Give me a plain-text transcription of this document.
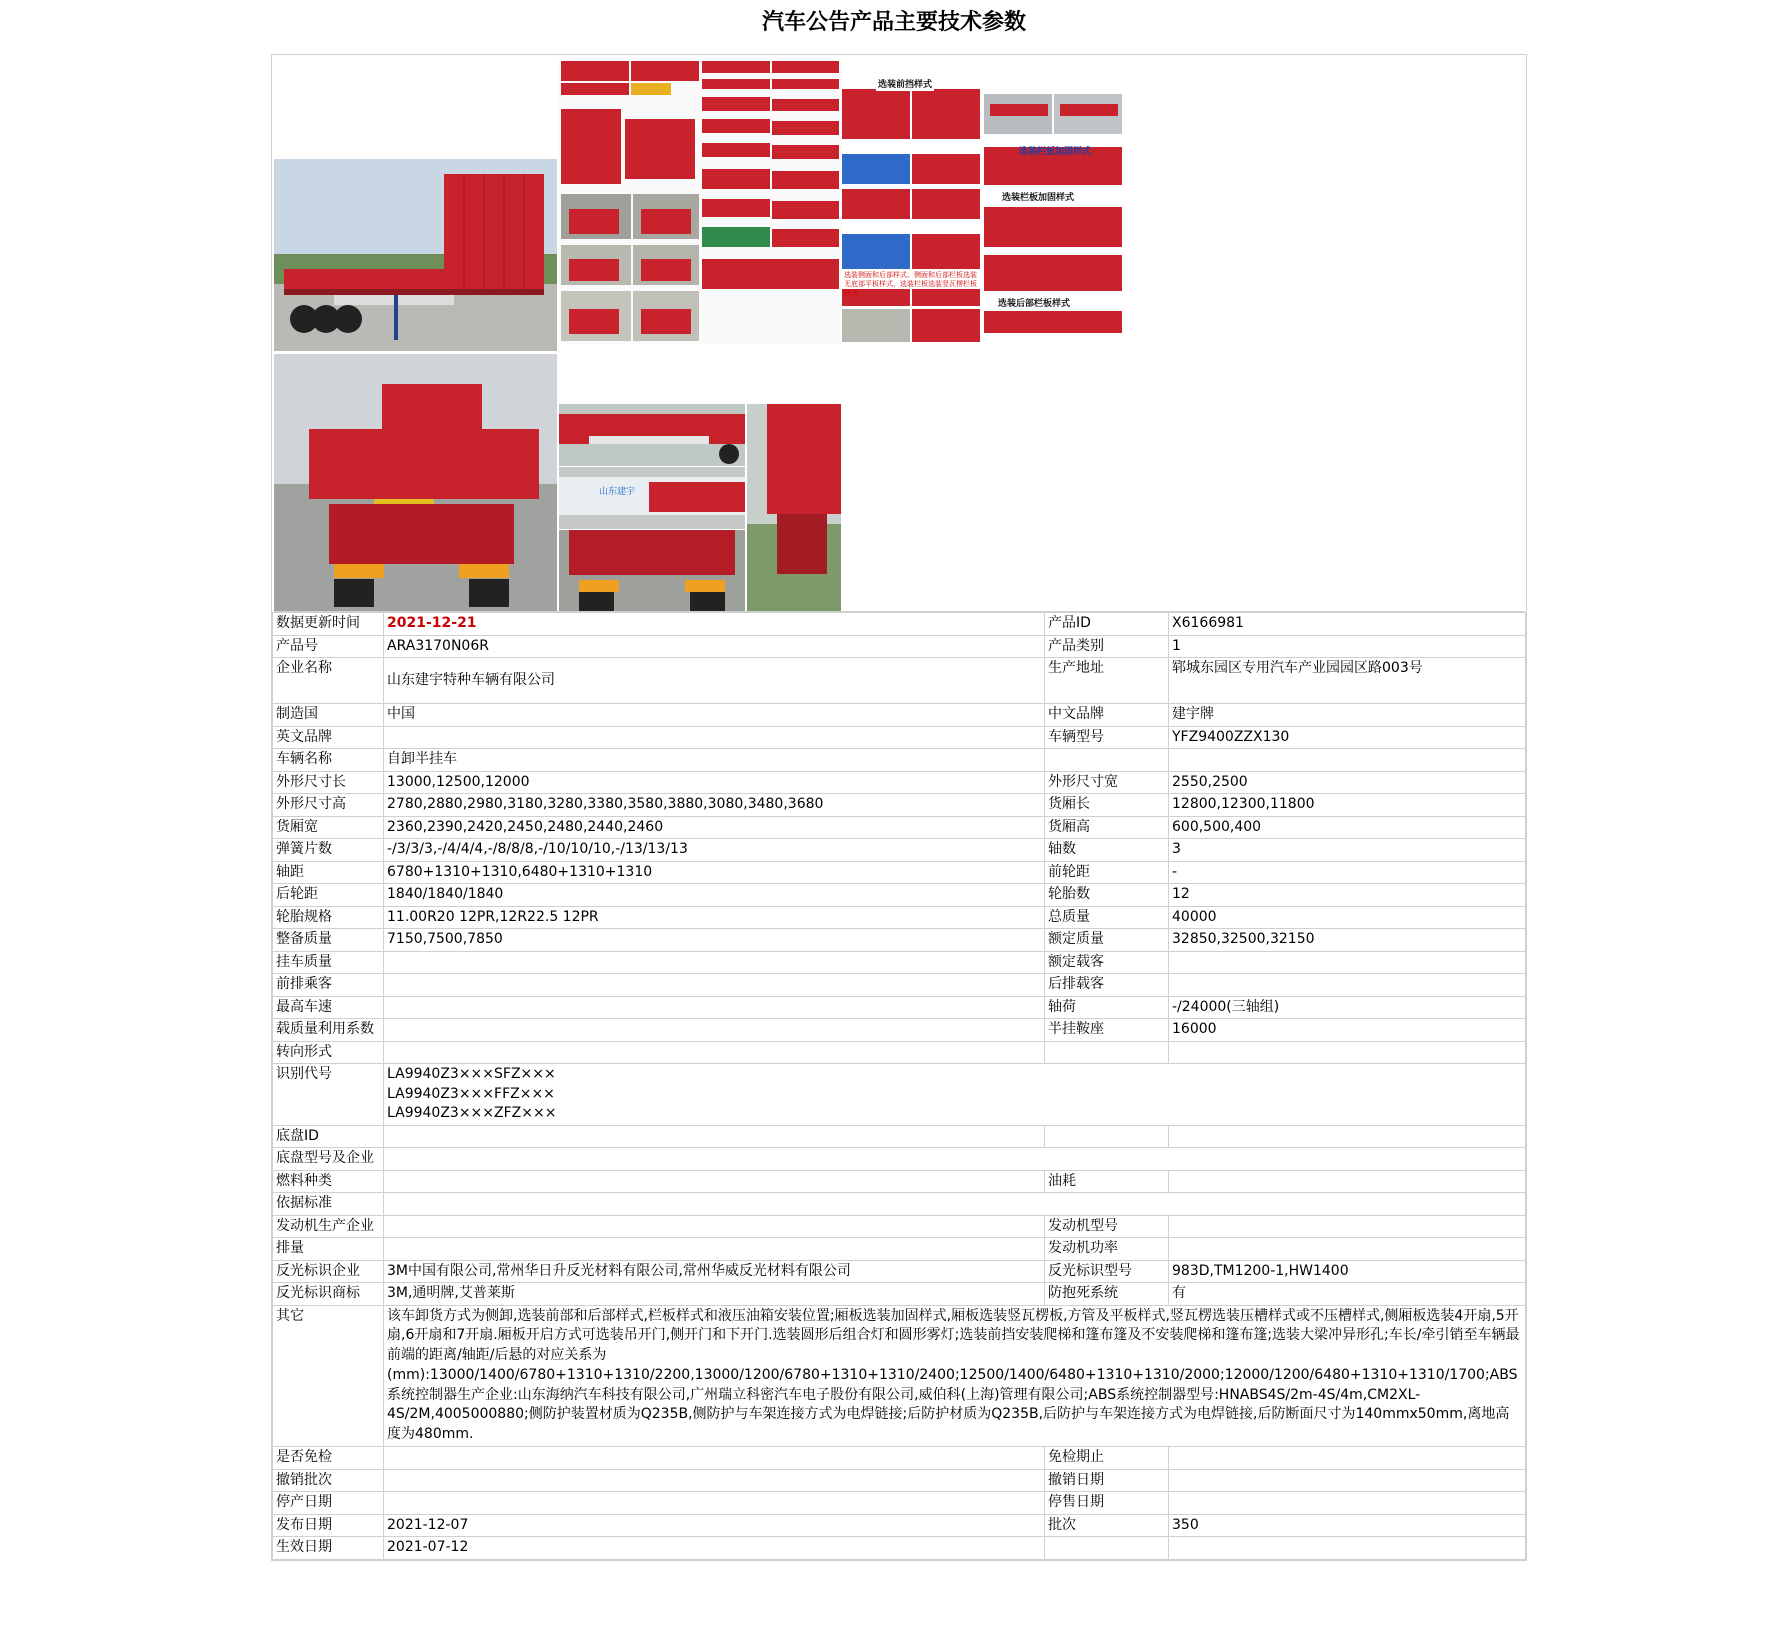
汽车公告产品主要技术参数
选装前挡样式
选装栏板加固样式
选装栏板加固样式
选装后部栏板样式
选装侧面和后部样式、侧面和后部栏板选装无底部平板样式、选装栏板选装竖瓦楞栏板样式
山东建宇
数据更新时间	2021-12-21	产品ID	X6166981
产品号	ARA3170N06R	产品类别	1
企业名称	山东建宇特种车辆有限公司	生产地址	郓城东园区专用汽车产业园园区路003号
制造国	中国	中文品牌	建宇牌
英文品牌		车辆型号	YFZ9400ZZX130
车辆名称	自卸半挂车		
外形尺寸长	13000,12500,12000	外形尺寸宽	2550,2500
外形尺寸高	2780,2880,2980,3180,3280,3380,3580,3880,3080,3480,3680	货厢长	12800,12300,11800
货厢宽	2360,2390,2420,2450,2480,2440,2460	货厢高	600,500,400
弹簧片数	-/3/3/3,-/4/4/4,-/8/8/8,-/10/10/10,-/13/13/13	轴数	3
轴距	6780+1310+1310,6480+1310+1310	前轮距	-
后轮距	1840/1840/1840	轮胎数	12
轮胎规格	11.00R20 12PR,12R22.5 12PR	总质量	40000
整备质量	7150,7500,7850	额定质量	32850,32500,32150
挂车质量		额定载客	
前排乘客		后排载客	
最高车速		轴荷	-/24000(三轴组)
载质量利用系数		半挂鞍座	16000
转向形式			
识别代号	LA9940Z3×××SFZ×××
LA9940Z3×××FFZ×××
LA9940Z3×××ZFZ×××		

底盘ID			
底盘型号及企业			
燃料种类		油耗	
依据标准			
发动机生产企业		发动机型号	
排量		发动机功率	
反光标识企业	3M中国有限公司,常州华日升反光材料有限公司,常州华威反光材料有限公司	反光标识型号	983D,TM1200-1,HW1400
反光标识商标	3M,通明牌,艾普莱斯	防抱死系统	有
其它	该车卸货方式为侧卸,选装前部和后部样式,栏板样式和液压油箱安装位置;厢板选装加固样式,厢板选装竖瓦楞板,方管及平板样式,竖瓦楞选装压槽样式或不压槽样式,侧厢板选装4开扇,5开扇,6开扇和7开扇.厢板开启方式可选装吊开门,侧开门和下开门.选装圆形后组合灯和圆形雾灯;选装前挡安装爬梯和篷布篷及不安装爬梯和篷布篷;选装大梁冲异形孔;车长/牵引销至车辆最前端的距离/轴距/后悬的对应关系为(mm):13000/1400/6780+1310+1310/2200,13000/1200/6780+1310+1310/2400;12500/1400/6480+1310+1310/2000;12000/1200/6480+1310+1310/1700;ABS系统控制器生产企业:山东海纳汽车科技有限公司,广州瑞立科密汽车电子股份有限公司,威伯科(上海)管理有限公司;ABS系统控制器型号:HNABS4S/2m-4S/4m,CM2XL-4S/2M,4005000880;侧防护装置材质为Q235B,侧防护与车架连接方式为电焊链接;后防护材质为Q235B,后防护与车架连接方式为电焊链接,后防断面尺寸为140mmx50mm,离地高度为480mm.		
是否免检		免检期止	
撤销批次		撤销日期	
停产日期		停售日期	
发布日期	2021-12-07	批次	350
生效日期	2021-07-12		
